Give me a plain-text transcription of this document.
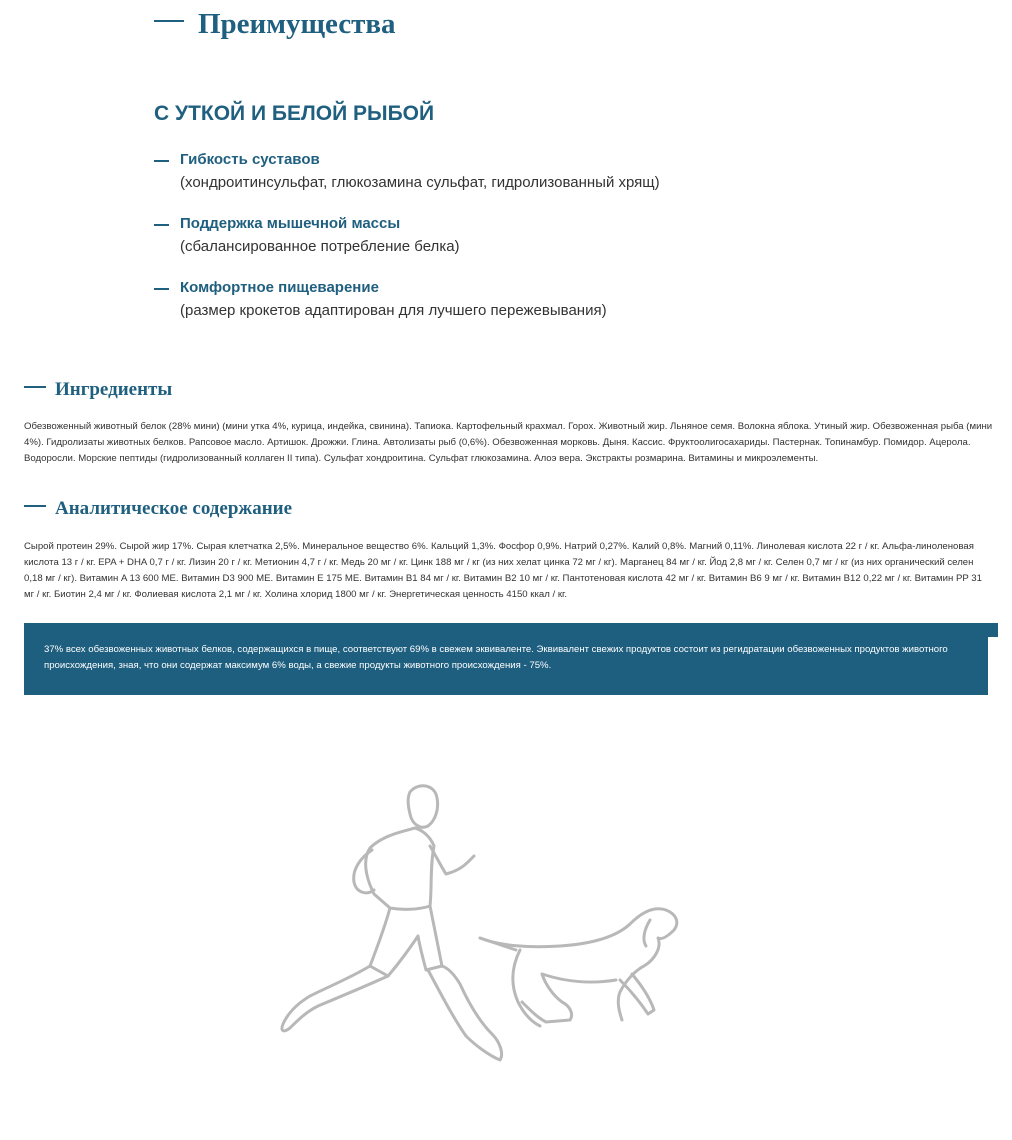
Преимущества
С УТКОЙ И БЕЛОЙ РЫБОЙ
Гибкость суставов
(хондроитинсульфат, глюкозамина сульфат, гидролизованный хрящ)
Поддержка мышечной массы
(сбалансированное потребление белка)
Комфортное пищеварение
(размер крокетов адаптирован для лучшего пережевывания)
Ингредиенты

Обезвоженный животный белок (28% мини) (мини утка 4%, курица, индейка, свинина). Тапиока. Картофельный крахмал. Горох. Животный жир. Льняное семя. Волокна яблока. Утиный жир. Обезвоженная рыба (мини 4%). Гидролизаты животных белков. Рапсовое масло. Артишок. Дрожжи. Глина. Автолизаты рыб (0,6%). Обезвоженная морковь. Дыня. Кассис. Фруктоолигосахариды. Пастернак. Топинамбур. Помидор. Ацерола. Водоросли. Морские пептиды (гидролизованный коллаген II типа). Сульфат хондроитина. Сульфат глюкозамина. Алоэ вера. Экстракты розмарина. Витамины и микроэлементы.

Аналитическое содержание

Сырой протеин 29%. Сырой жир 17%. Сырая клетчатка 2,5%. Минеральное вещество 6%. Кальций 1,3%. Фосфор 0,9%. Натрий 0,27%. Калий 0,8%. Магний 0,11%. Линолевая кислота 22 г / кг. Альфа-линоленовая кислота 13 г / кг. EPA + DHA 0,7 г / кг. Лизин 20 г / кг. Метионин 4,7 г / кг. Медь 20 мг / кг. Цинк 188 мг / кг (из них хелат цинка 72 мг / кг). Марганец 84 мг / кг. Йод 2,8 мг / кг. Селен 0,7 мг / кг (из них органический селен 0,18 мг / кг). Витамин A 13 600 МЕ. Витамин D3 900 МЕ. Витамин E 175 МЕ. Витамин B1 84 мг / кг. Витамин B2 10 мг / кг. Пантотеновая кислота 42 мг / кг. Витамин B6 9 мг / кг. Витамин B12 0,22 мг / кг. Витамин PP 31 мг / кг. Биотин 2,4 мг / кг. Фолиевая кислота 2,1 мг / кг. Холина хлорид 1800 мг / кг. Энергетическая ценность 4150 ккал / кг.

37% всех обезвоженных животных белков, содержащихся в пище, соответствуют 69% в свежем эквиваленте. Эквивалент свежих продуктов состоит из регидратации обезвоженных продуктов животного происхождения, зная, что они содержат максимум 6% воды, а свежие продукты животного происхождения - 75%.
